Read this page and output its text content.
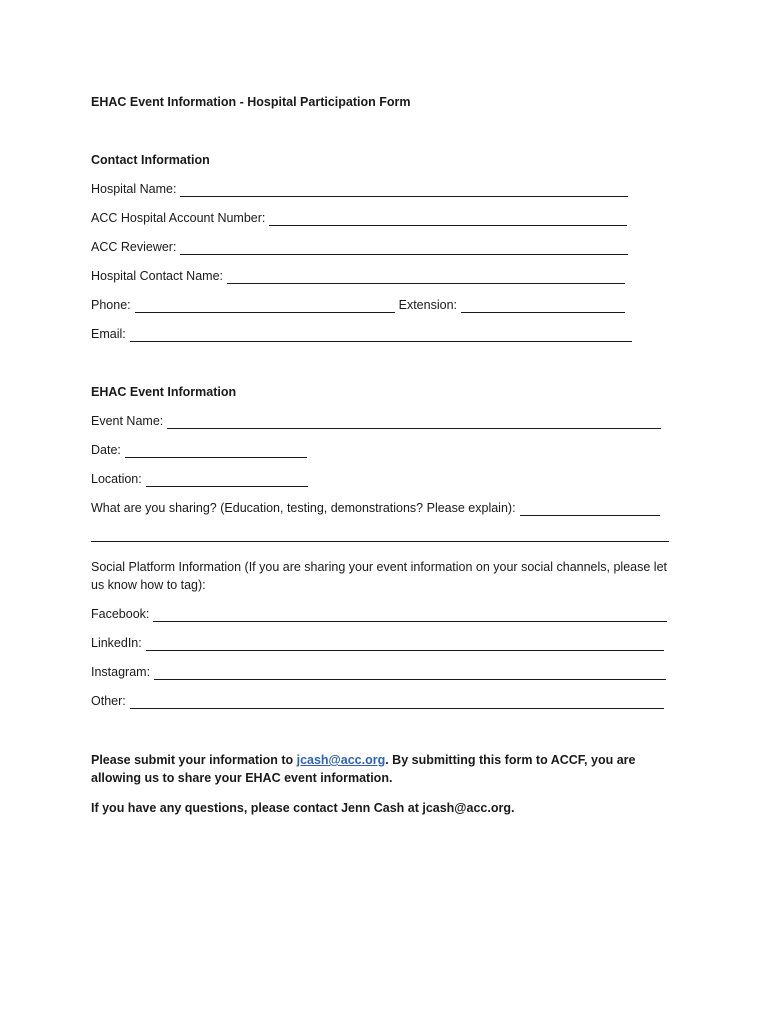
EHAC Event Information - Hospital Participation Form
Contact Information
Hospital Name:
ACC Hospital Account Number:
ACC Reviewer:
Hospital Contact Name:
Phone:	Extension:
Email:
EHAC Event Information
Event Name:
Date:
Location:
What are you sharing? (Education, testing, demonstrations? Please explain):
Social Platform Information (If you are sharing your event information on your social channels, please let us know how to tag):
Facebook:
LinkedIn:
Instagram:
Other:
Please submit your information to jcash@acc.org. By submitting this form to ACCF, you are allowing us to share your EHAC event information.
If you have any questions, please contact Jenn Cash at jcash@acc.org.
